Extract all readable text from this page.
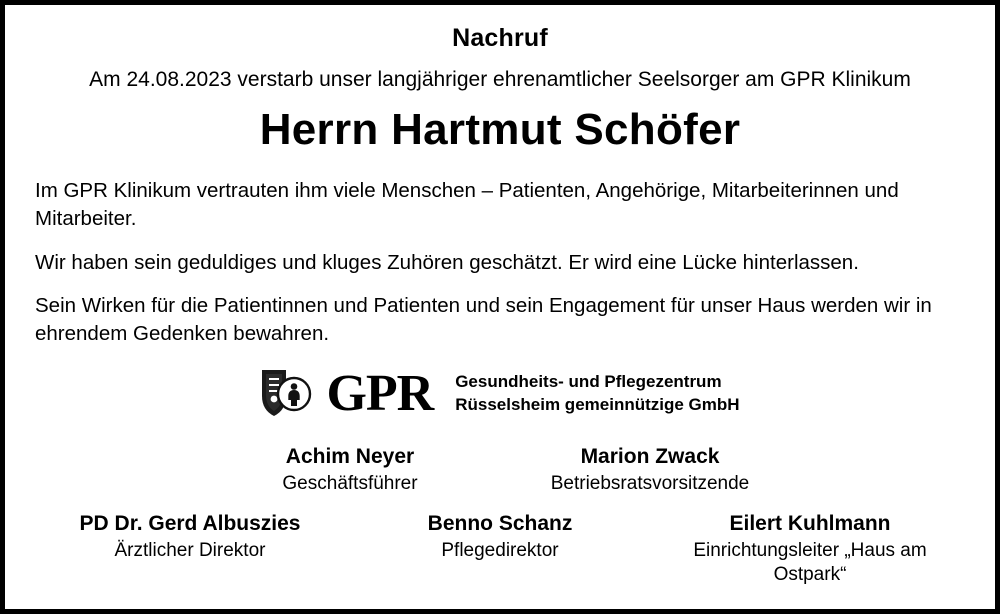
Nachruf
Am 24.08.2023 verstarb unser langjähriger ehrenamtlicher Seelsorger am GPR Klinikum
Herrn Hartmut Schöfer

Im GPR Klinikum vertrauten ihm viele Menschen – Patienten, Angehörige, Mitarbeiterinnen und Mitarbeiter.

Wir haben sein geduldiges und kluges Zuhören geschätzt. Er wird eine Lücke hinterlassen.

Sein Wirken für die Patientinnen und Patienten und sein Engagement für unser Haus werden wir in ehrendem Gedenken bewahren.

GPR Gesundheits- und Pflegezentrum
Rüsselsheim gemeinnützige GmbH
Achim Neyer
Geschäftsführer
Marion Zwack
Betriebsratsvorsitzende
PD Dr. Gerd Albuszies
Ärztlicher Direktor
Benno Schanz
Pflegedirektor
Eilert Kuhlmann
Einrichtungsleiter „Haus am Ostpark“
